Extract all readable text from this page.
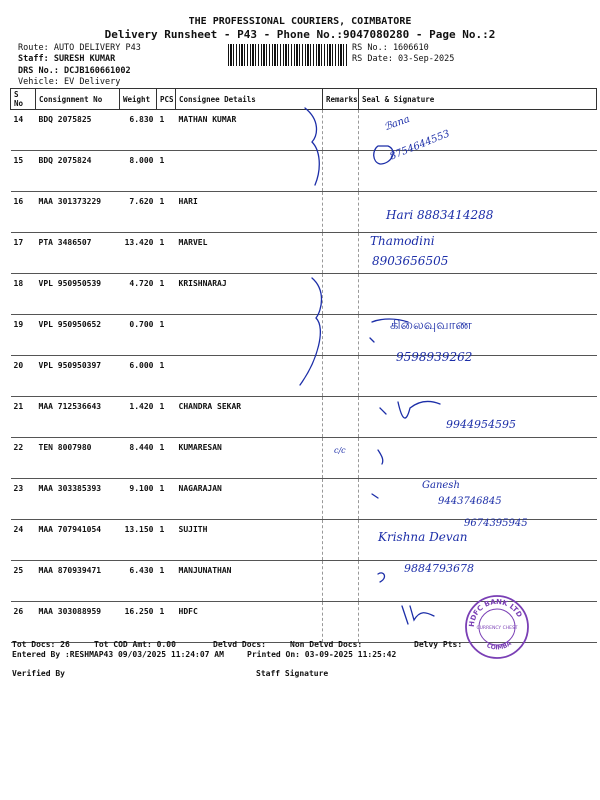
THE PROFESSIONAL COURIERS, COIMBATORE
Delivery Runsheet - P43 - Phone No.:9047080280 - Page No.:2
Route: AUTO DELIVERY P43
Staff: SURESH KUMAR
DRS No.: DCJB160661002
Vehicle: EV Delivery
RS No.: 1606610
RS Date: 03-Sep-2025
S No	Consignment No	Weight	PCS	Consignee Details	Remarks	Seal & Signature
14	BDQ 2075825	6.830	1	MATHAN KUMAR		
15	BDQ 2075824	8.000	1			
16	MAA 301373229	7.620	1	HARI		
17	PTA 3486507	13.420	1	MARVEL		
18	VPL 950950539	4.720	1	KRISHNARAJ		
19	VPL 950950652	0.700	1			
20	VPL 950950397	6.000	1			
21	MAA 712536643	1.420	1	CHANDRA SEKAR		
22	TEN 8007980	8.440	1	KUMARESAN		
23	MAA 303385393	9.100	1	NAGARAJAN		
24	MAA 707941054	13.150	1	SUJITH		
25	MAA 870939471	6.430	1	MANJUNATHAN		
26	MAA 303088959	16.250	1	HDFC		
ℬana
8754644553
Hari 8883414288
Thamodini
8903656505
கிலைவுவாண
9598939262
9944954595
c/c
Ganesh
9443746845
9674395945
Krishna Devan
9884793678
HDFC BANK LTD
CURRENCY CHEST
COIMBA
Tot Docs: 26	Tot COD Amt: 0.00	Delvd Docs:	Non Delvd Docs:	Delvy Pts:
Entered By :RESHMAP43 09/03/2025 11:24:07 AM	Printed On: 03-09-2025 11:25:42
Verified By	Staff Signature
